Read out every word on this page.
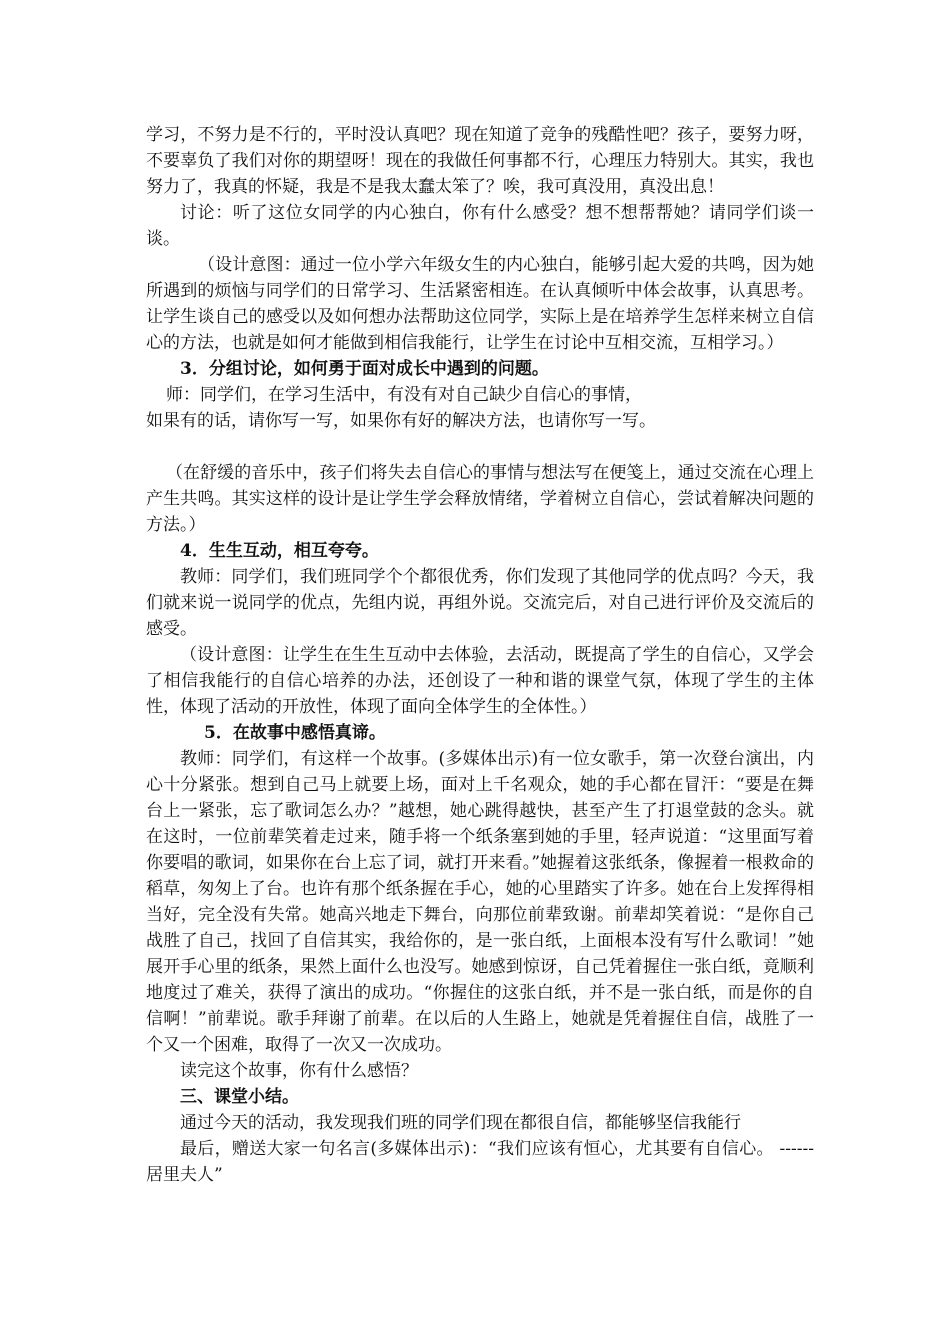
学习，不努力是不行的，平时没认真吧？现在知道了竞争的残酷性吧？孩子，要努力呀，不要辜负了我们对你的期望呀！现在的我做任何事都不行，心理压力特别大。其实，我也努力了，我真的怀疑，我是不是我太蠢太笨了？唉，我可真没用，真没出息！

讨论：听了这位女同学的内心独白，你有什么感受？想不想帮帮她？请同学们谈一谈。

（设计意图：通过一位小学六年级女生的内心独白，能够引起大爱的共鸣，因为她所遇到的烦恼与同学们的日常学习、生活紧密相连。在认真倾听中体会故事，认真思考。让学生谈自己的感受以及如何想办法帮助这位同学，实际上是在培养学生怎样来树立自信心的方法，也就是如何才能做到相信我能行，让学生在讨论中互相交流，互相学习。）

3．分组讨论，如何勇于面对成长中遇到的问题。

师：同学们，在学习生活中，有没有对自己缺少自信心的事情，

如果有的话，请你写一写，如果你有好的解决方法，也请你写一写。

（在舒缓的音乐中，孩子们将失去自信心的事情与想法写在便笺上，通过交流在心理上产生共鸣。其实这样的设计是让学生学会释放情绪，学着树立自信心，尝试着解决问题的方法。）

4．生生互动，相互夸夸。

教师：同学们，我们班同学个个都很优秀，你们发现了其他同学的优点吗？今天，我们就来说一说同学的优点，先组内说，再组外说。交流完后，对自己进行评价及交流后的感受。

（设计意图：让学生在生生互动中去体验，去活动，既提高了学生的自信心，又学会了相信我能行的自信心培养的办法，还创设了一种和谐的课堂气氛，体现了学生的主体性，体现了活动的开放性，体现了面向全体学生的全体性。）

5．在故事中感悟真谛。

教师：同学们，有这样一个故事。(多媒体出示)有一位女歌手，第一次登台演出，内心十分紧张。想到自己马上就要上场，面对上千名观众，她的手心都在冒汗：“要是在舞台上一紧张，忘了歌词怎么办？”越想，她心跳得越快，甚至产生了打退堂鼓的念头。就在这时，一位前辈笑着走过来，随手将一个纸条塞到她的手里，轻声说道：“这里面写着你要唱的歌词，如果你在台上忘了词，就打开来看。”她握着这张纸条，像握着一根救命的稻草，匆匆上了台。也许有那个纸条握在手心，她的心里踏实了许多。她在台上发挥得相当好，完全没有失常。她高兴地走下舞台，向那位前辈致谢。前辈却笑着说：“是你自己战胜了自己，找回了自信其实，我给你的，是一张白纸，上面根本没有写什么歌词！”她展开手心里的纸条，果然上面什么也没写。她感到惊讶，自己凭着握住一张白纸，竟顺利地度过了难关，获得了演出的成功。“你握住的这张白纸，并不是一张白纸，而是你的自信啊！”前辈说。歌手拜谢了前辈。在以后的人生路上，她就是凭着握住自信，战胜了一个又一个困难，取得了一次又一次成功。

读完这个故事，你有什么感悟？

三、课堂小结。

通过今天的活动，我发现我们班的同学们现在都很自信，都能够坚信我能行

最后，赠送大家一句名言(多媒体出示)：“我们应该有恒心，尤其要有自信心。 ------居里夫人”
